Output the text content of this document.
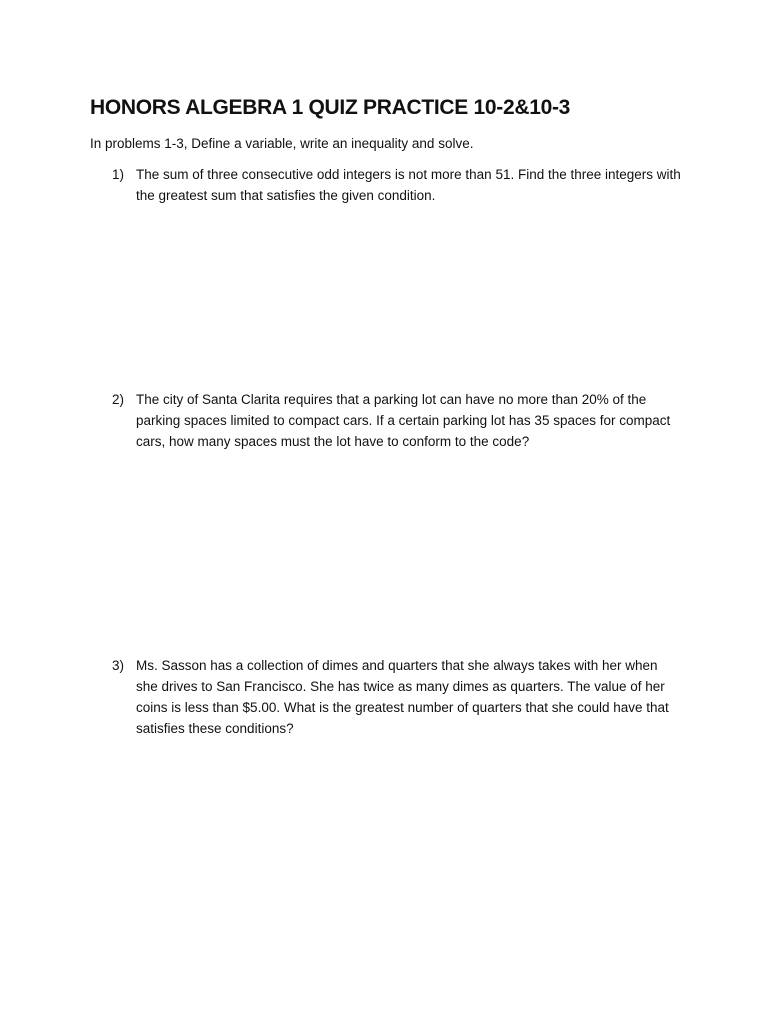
HONORS ALGEBRA 1 QUIZ PRACTICE 10-2&10-3
In problems 1-3, Define a variable, write an inequality and solve.
1) The sum of three consecutive odd integers is not more than 51. Find the three integers with the greatest sum that satisfies the given condition.
2) The city of Santa Clarita requires that a parking lot can have no more than 20% of the parking spaces limited to compact cars. If a certain parking lot has 35 spaces for compact cars, how many spaces must the lot have to conform to the code?
3) Ms. Sasson has a collection of dimes and quarters that she always takes with her when she drives to San Francisco. She has twice as many dimes as quarters. The value of her coins is less than $5.00. What is the greatest number of quarters that she could have that satisfies these conditions?
